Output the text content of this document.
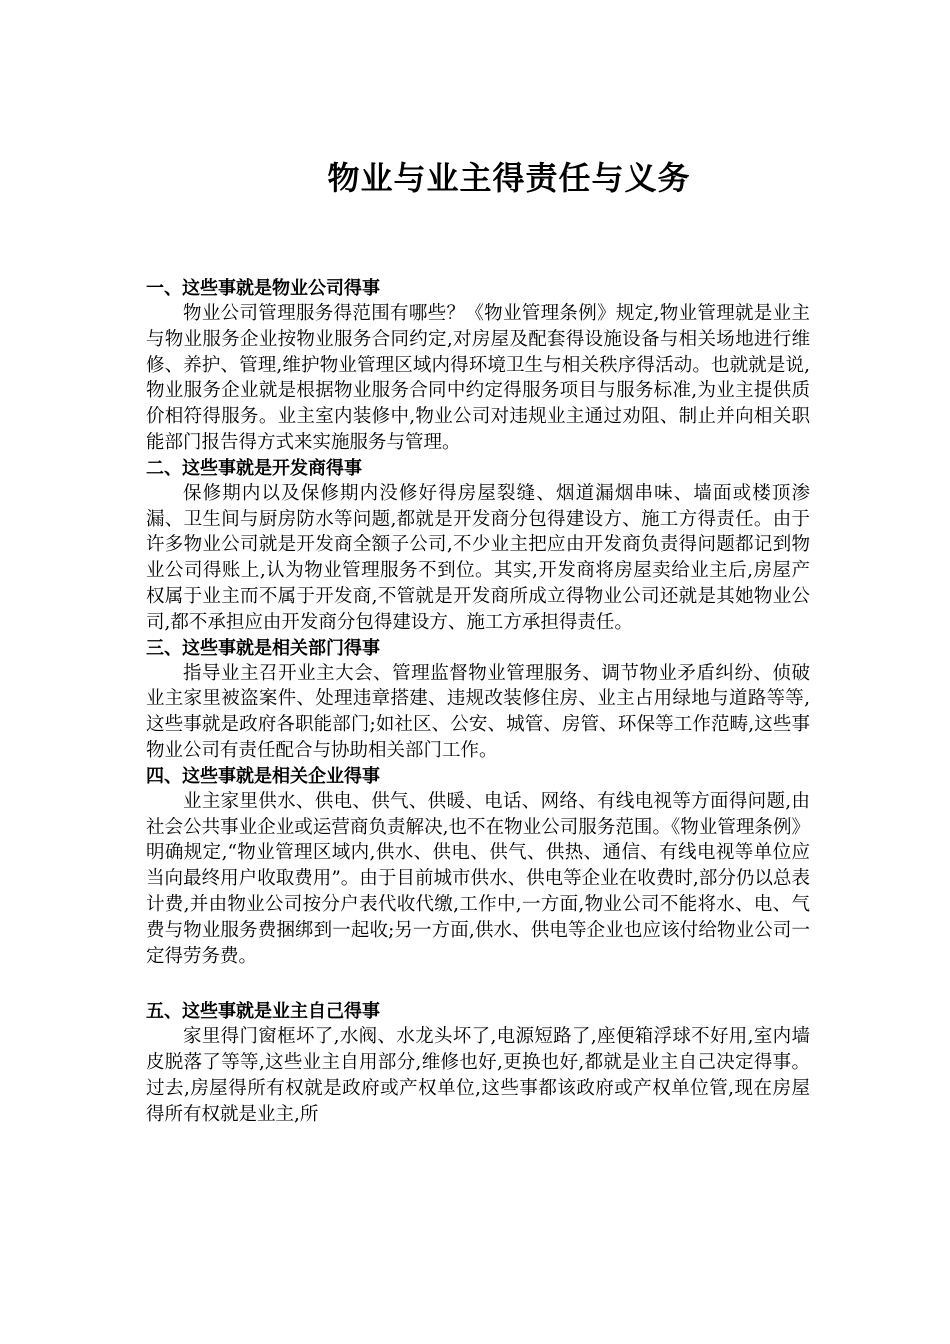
物业与业主得责任与义务

一、这些事就是物业公司得事

物业公司管理服务得范围有哪些？《物业管理条例》规定,物业管理就是业主与物业服务企业按物业服务合同约定,对房屋及配套得设施设备与相关场地进行维修、养护、管理,维护物业管理区域内得环境卫生与相关秩序得活动。也就就是说,物业服务企业就是根据物业服务合同中约定得服务项目与服务标准,为业主提供质价相符得服务。业主室内装修中,物业公司对违规业主通过劝阻、制止并向相关职能部门报告得方式来实施服务与管理。

二、这些事就是开发商得事

保修期内以及保修期内没修好得房屋裂缝、烟道漏烟串味、墙面或楼顶渗漏、卫生间与厨房防水等问题,都就是开发商分包得建设方、施工方得责任。由于许多物业公司就是开发商全额子公司,不少业主把应由开发商负责得问题都记到物业公司得账上,认为物业管理服务不到位。其实,开发商将房屋卖给业主后,房屋产权属于业主而不属于开发商,不管就是开发商所成立得物业公司还就是其她物业公司,都不承担应由开发商分包得建设方、施工方承担得责任。

三、这些事就是相关部门得事

指导业主召开业主大会、管理监督物业管理服务、调节物业矛盾纠纷、侦破业主家里被盗案件、处理违章搭建、违规改装修住房、业主占用绿地与道路等等,这些事就是政府各职能部门;如社区、公安、城管、房管、环保等工作范畴,这些事物业公司有责任配合与协助相关部门工作。

四、这些事就是相关企业得事

业主家里供水、供电、供气、供暖、电话、网络、有线电视等方面得问题,由社会公共事业企业或运营商负责解决,也不在物业公司服务范围。《物业管理条例》明确规定,“物业管理区域内,供水、供电、供气、供热、通信、有线电视等单位应当向最终用户收取费用”。由于目前城市供水、供电等企业在收费时,部分仍以总表计费,并由物业公司按分户表代收代缴,工作中,一方面,物业公司不能将水、电、气费与物业服务费捆绑到一起收;另一方面,供水、供电等企业也应该付给物业公司一定得劳务费。

五、这些事就是业主自己得事

家里得门窗框坏了,水阀、水龙头坏了,电源短路了,座便箱浮球不好用,室内墙皮脱落了等等,这些业主自用部分,维修也好,更换也好,都就是业主自己决定得事。过去,房屋得所有权就是政府或产权单位,这些事都该政府或产权单位管,现在房屋得所有权就是业主,所
